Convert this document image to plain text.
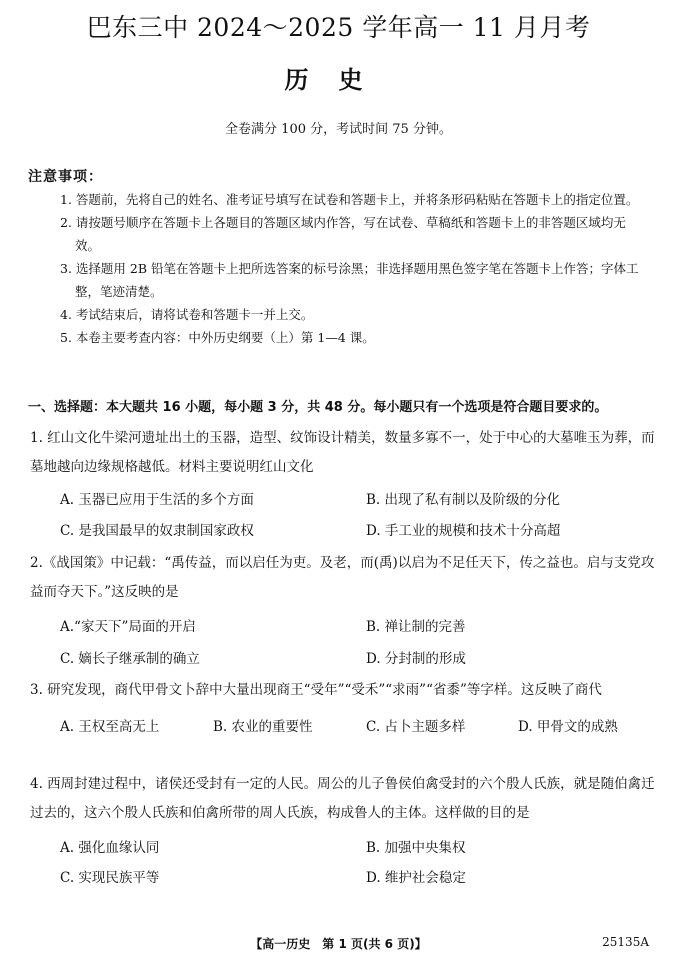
巴东三中 2024～2025 学年高一 11 月月考
历史
全卷满分 100 分，考试时间 75 分钟。
注意事项：
1. 答题前，先将自己的姓名、准考证号填写在试卷和答题卡上，并将条形码粘贴在答题卡上的指定位置。
2. 请按题号顺序在答题卡上各题目的答题区域内作答，写在试卷、草稿纸和答题卡上的非答题区域均无效。
3. 选择题用 2B 铅笔在答题卡上把所选答案的标号涂黑；非选择题用黑色签字笔在答题卡上作答；字体工整，笔迹清楚。
4. 考试结束后，请将试卷和答题卡一并上交。
5. 本卷主要考查内容：中外历史纲要（上）第 1—4 课。
一、选择题：本大题共 16 小题，每小题 3 分，共 48 分。每小题只有一个选项是符合题目要求的。
1. 红山文化牛梁河遗址出土的玉器，造型、纹饰设计精美，数量多寡不一，处于中心的大墓唯玉为葬，而墓地越向边缘规格越低。材料主要说明红山文化
A. 玉器已应用于生活的多个方面	B. 出现了私有制以及阶级的分化
C. 是我国最早的奴隶制国家政权	D. 手工业的规模和技术十分高超
2.《战国策》中记载：“禹传益，而以启任为吏。及老，而(禹)以启为不足任天下，传之益也。启与支党攻益而夺天下。”这反映的是
A.“家天下”局面的开启	B. 禅让制的完善
C. 嫡长子继承制的确立	D. 分封制的形成
3. 研究发现，商代甲骨文卜辞中大量出现商王“受年”“受禾”“求雨”“省黍”等字样。这反映了商代
A. 王权至高无上	B. 农业的重要性	C. 占卜主题多样	D. 甲骨文的成熟
4. 西周封建过程中，诸侯还受封有一定的人民。周公的儿子鲁侯伯禽受封的六个殷人氏族，就是随伯禽迁过去的，这六个殷人氏族和伯禽所带的周人氏族，构成鲁人的主体。这样做的目的是
A. 强化血缘认同	B. 加强中央集权
C. 实现民族平等	D. 维护社会稳定
【高一历史　第 1 页(共 6 页)】	25135A
